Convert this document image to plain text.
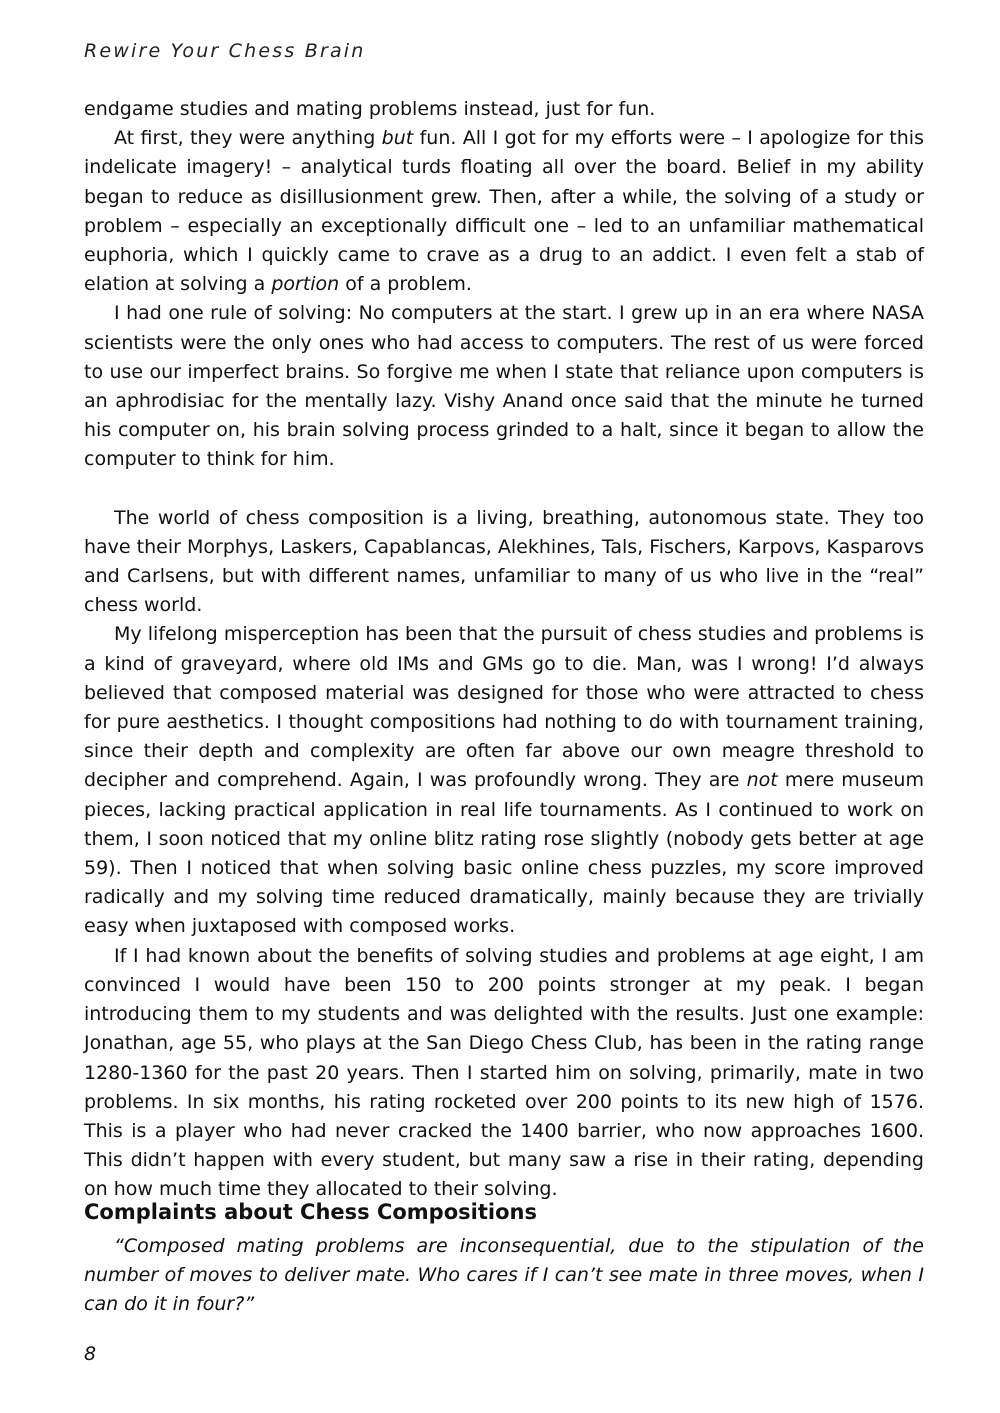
Rewire Your Chess Brain

endgame studies and mating problems instead, just for fun.

At first, they were anything but fun. All I got for my efforts were – I apologize for this indelicate imagery! – analytical turds floating all over the board. Belief in my ability began to reduce as disillusionment grew. Then, after a while, the solving of a study or problem – especially an exceptionally difficult one – led to an unfamiliar mathematical euphoria, which I quickly came to crave as a drug to an addict. I even felt a stab of elation at solving a portion of a problem.

I had one rule of solving: No computers at the start. I grew up in an era where NASA scientists were the only ones who had access to computers. The rest of us were forced to use our imperfect brains. So forgive me when I state that reliance upon computers is an aphrodisiac for the mentally lazy. Vishy Anand once said that the minute he turned his computer on, his brain solving process grinded to a halt, since it began to allow the computer to think for him.

The world of chess composition is a living, breathing, autonomous state. They too have their Morphys, Laskers, Capablancas, Alekhines, Tals, Fischers, Karpovs, Kasparovs and Carlsens, but with different names, unfamiliar to many of us who live in the “real” chess world.

My lifelong misperception has been that the pursuit of chess studies and problems is a kind of graveyard, where old IMs and GMs go to die. Man, was I wrong! I’d always believed that composed material was designed for those who were attracted to chess for pure aesthetics. I thought compositions had nothing to do with tournament training, since their depth and complexity are often far above our own meagre threshold to decipher and comprehend. Again, I was profoundly wrong. They are not mere museum pieces, lacking practical application in real life tournaments. As I continued to work on them, I soon noticed that my online blitz rating rose slightly (nobody gets better at age 59). Then I noticed that when solving basic online chess puzzles, my score improved radically and my solving time reduced dramatically, mainly because they are trivially easy when juxtaposed with composed works.

If I had known about the benefits of solving studies and problems at age eight, I am convinced I would have been 150 to 200 points stronger at my peak. I began introducing them to my students and was delighted with the results. Just one example: Jonathan, age 55, who plays at the San Diego Chess Club, has been in the rating range 1280-1360 for the past 20 years. Then I started him on solving, primarily, mate in two problems. In six months, his rating rocketed over 200 points to its new high of 1576. This is a player who had never cracked the 1400 barrier, who now approaches 1600. This didn’t happen with every student, but many saw a rise in their rating, depending on how much time they allocated to their solving.

Complaints about Chess Compositions

“Composed mating problems are inconsequential, due to the stipulation of the number of moves to deliver mate. Who cares if I can’t see mate in three moves, when I can do it in four?”

8
